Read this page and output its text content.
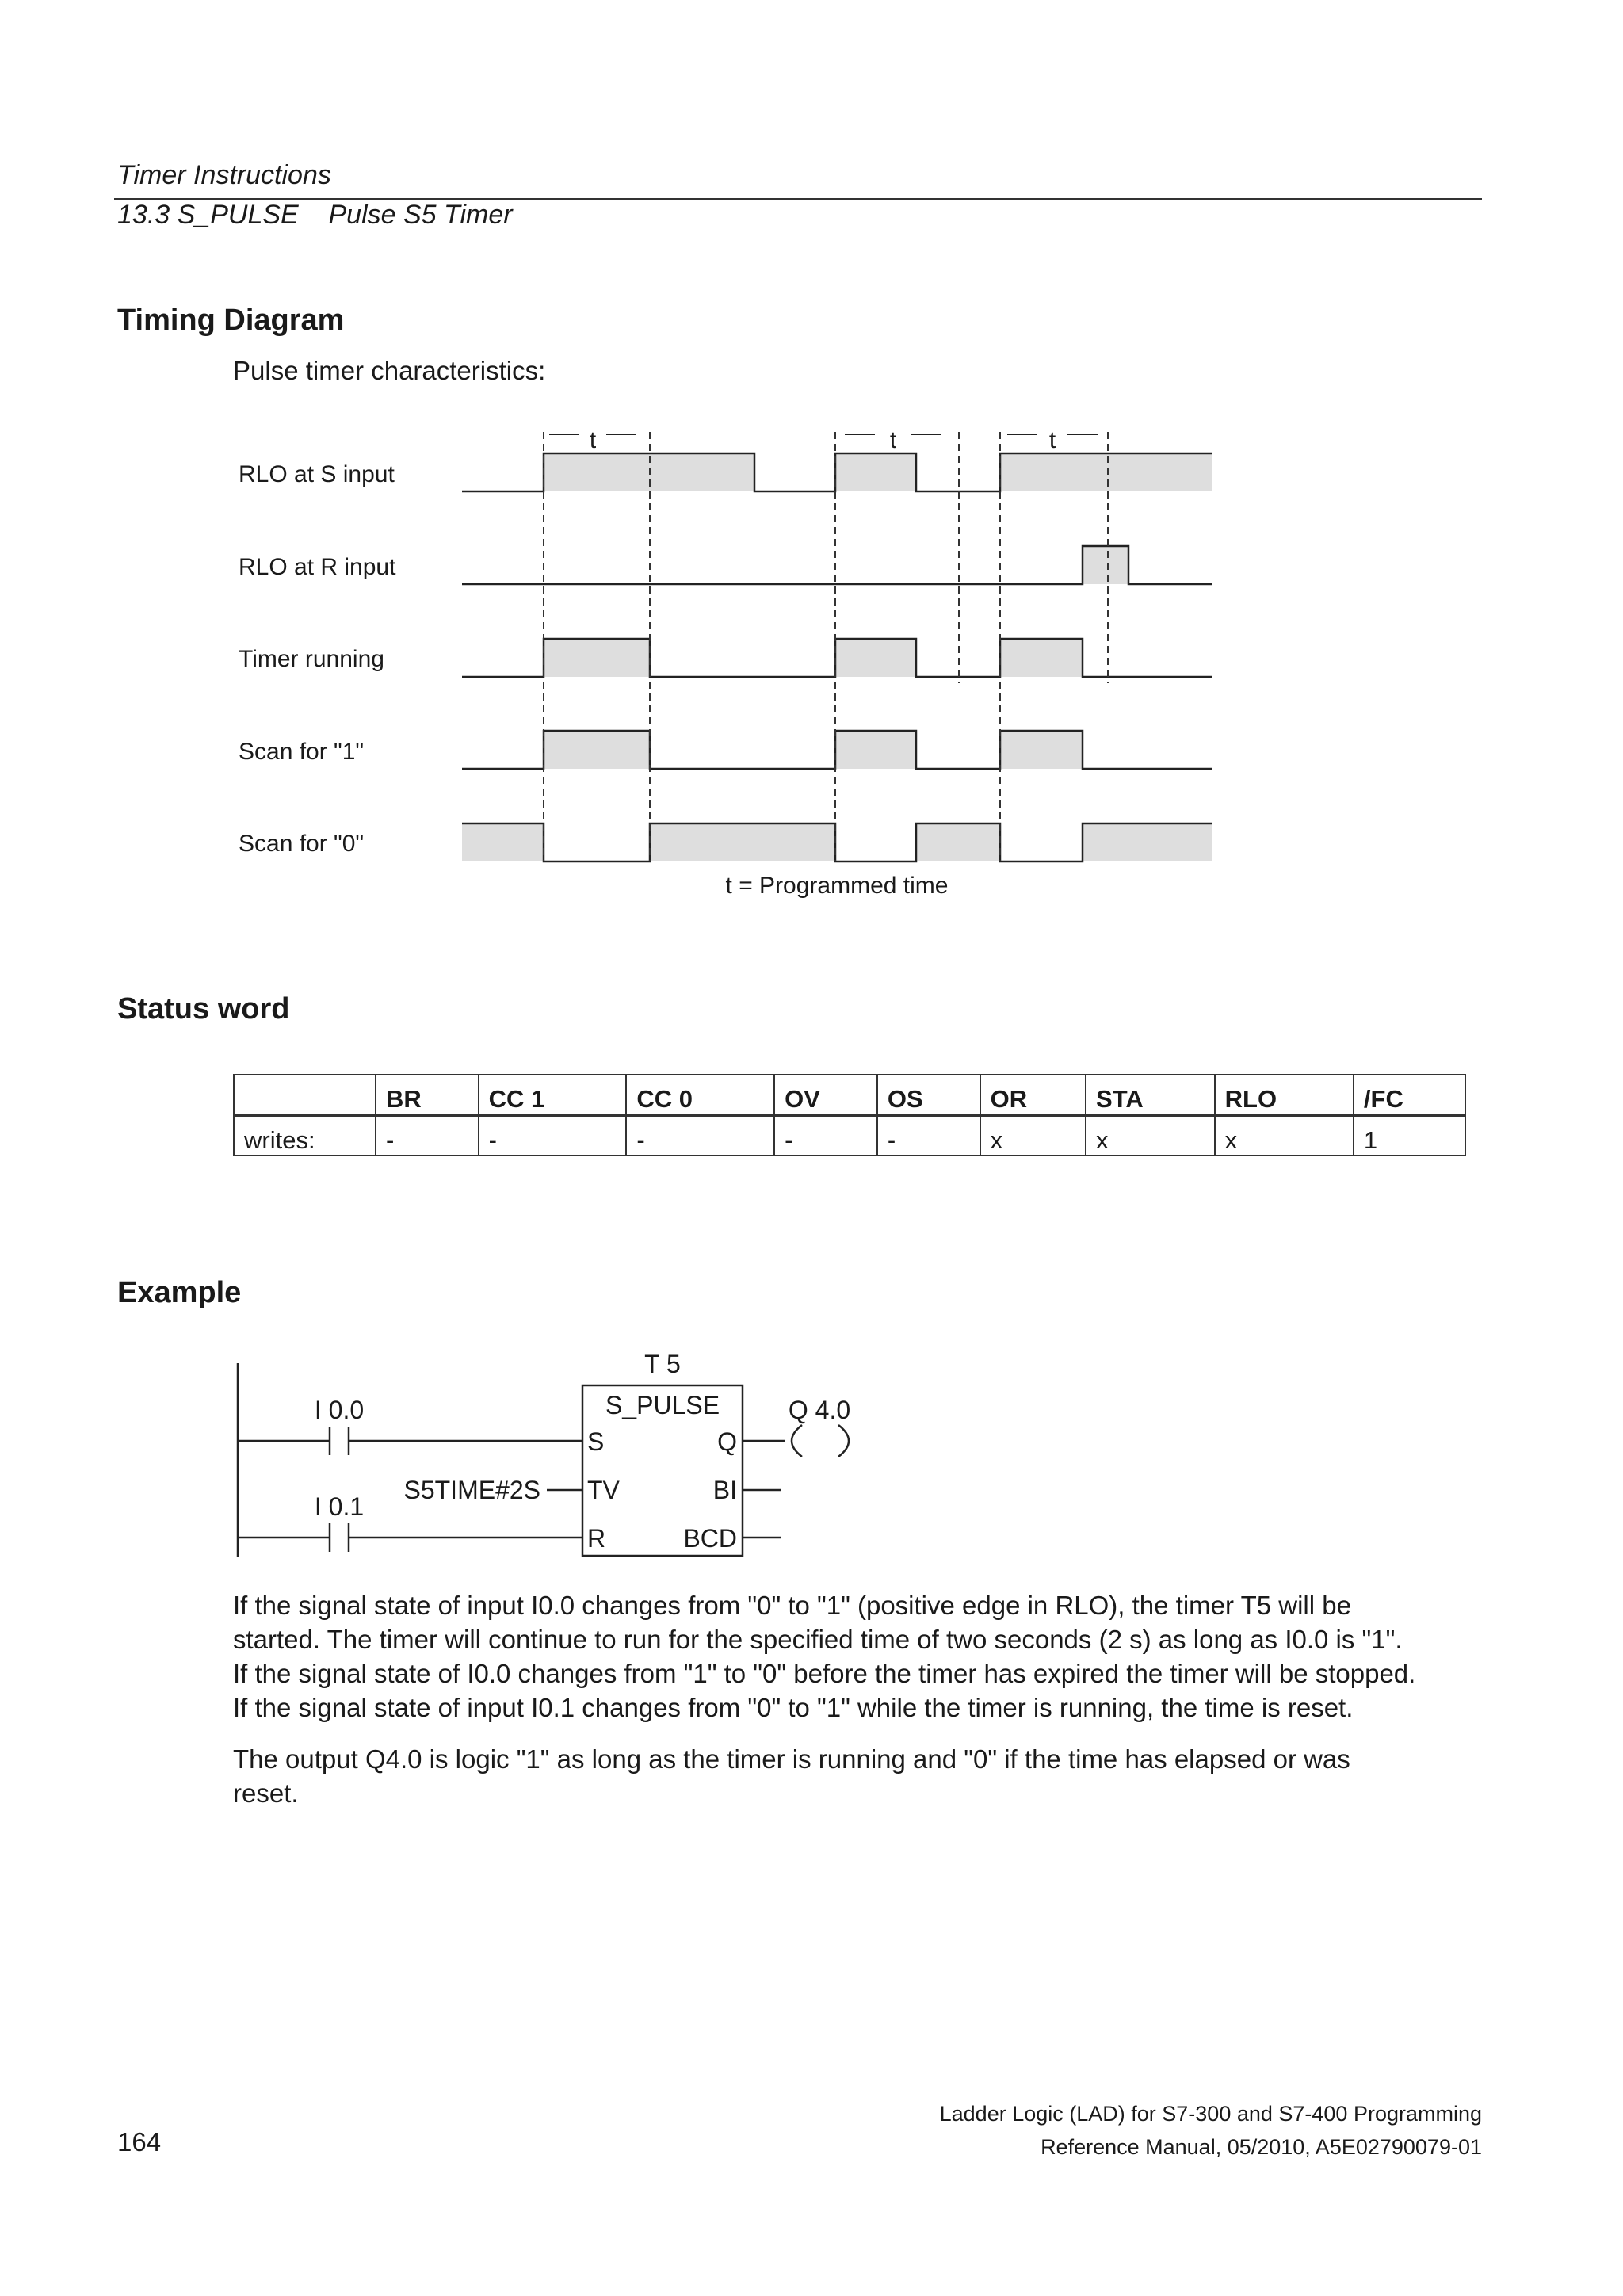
Timer Instructions
13.3 S_PULSE    Pulse S5 Timer
Timing Diagram
Pulse timer characteristics:
RLO at S input
RLO at R input
Timer running
Scan for "1"
Scan for "0"
t	t	t
t = Programmed time
Status word
	BR	CC 1	CC 0	OV	OS	OR	STA	RLO	/FC
writes:	-	-	-	-	-	x	x	x	1
Example
T 5
S_PULSE
I 0.0
I 0.1
S5TIME#2S
Q 4.0
S
TV
R
Q
BI
BCD
If the signal state of input I0.0 changes from "0" to "1" (positive edge in RLO), the timer T5 will be
started. The timer will continue to run for the specified time of two seconds (2 s) as long as I0.0 is "1".
If the signal state of I0.0 changes from "1" to "0" before the timer has expired the timer will be stopped.
If the signal state of input I0.1 changes from "0" to "1" while the timer is running, the time is reset.
The output Q4.0 is logic "1" as long as the timer is running and "0" if the time has elapsed or was
reset.
164
Ladder Logic (LAD) for S7-300 and S7-400 Programming
Reference Manual, 05/2010, A5E02790079-01
